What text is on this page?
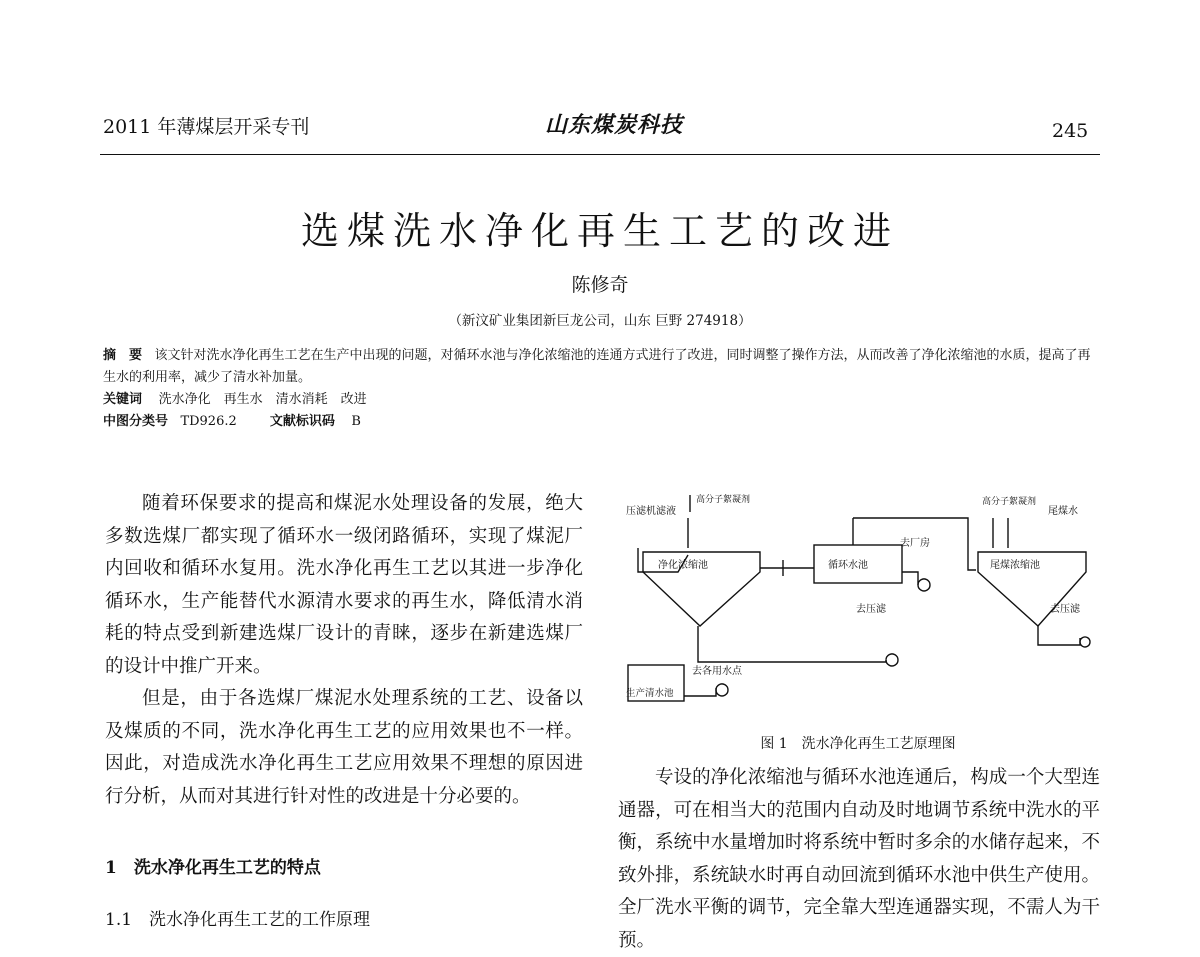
2011 年薄煤层开采专刊	山东煤炭科技	245
选煤洗水净化再生工艺的改进
陈修奇
（新汶矿业集团新巨龙公司，山东 巨野 274918）
摘　要 该文针对洗水净化再生工艺在生产中出现的问题，对循环水池与净化浓缩池的连通方式进行了改进，同时调整了操作方法，从而改善了净化浓缩池的水质，提高了再生水的利用率，减少了清水补加量。
关键词 洗水净化　再生水　清水消耗　改进
中图分类号 TD926.2	文献标识码 B

随着环保要求的提高和煤泥水处理设备的发展，绝大多数选煤厂都实现了循环水一级闭路循环，实现了煤泥厂内回收和循环水复用。洗水净化再生工艺以其进一步净化循环水，生产能替代水源清水要求的再生水，降低清水消耗的特点受到新建选煤厂设计的青睐，逐步在新建选煤厂的设计中推广开来。

但是，由于各选煤厂煤泥水处理系统的工艺、设备以及煤质的不同，洗水净化再生工艺的应用效果也不一样。因此，对造成洗水净化再生工艺应用效果不理想的原因进行分析，从而对其进行针对性的改进是十分必要的。

1　洗水净化再生工艺的特点
1.1　洗水净化再生工艺的工作原理
压滤机滤液
高分子絮凝剂
净化浓缩池	循环水池
去厂房
高分子絮凝剂
尾煤水
尾煤浓缩池
去压滤	去压滤
去各用水点
生产清水池
图 1　洗水净化再生工艺原理图

专设的净化浓缩池与循环水池连通后，构成一个大型连通器，可在相当大的范围内自动及时地调节系统中洗水的平衡，系统中水量增加时将系统中暂时多余的水储存起来，不致外排，系统缺水时再自动回流到循环水池中供生产使用。全厂洗水平衡的调节，完全靠大型连通器实现，不需人为干预。
